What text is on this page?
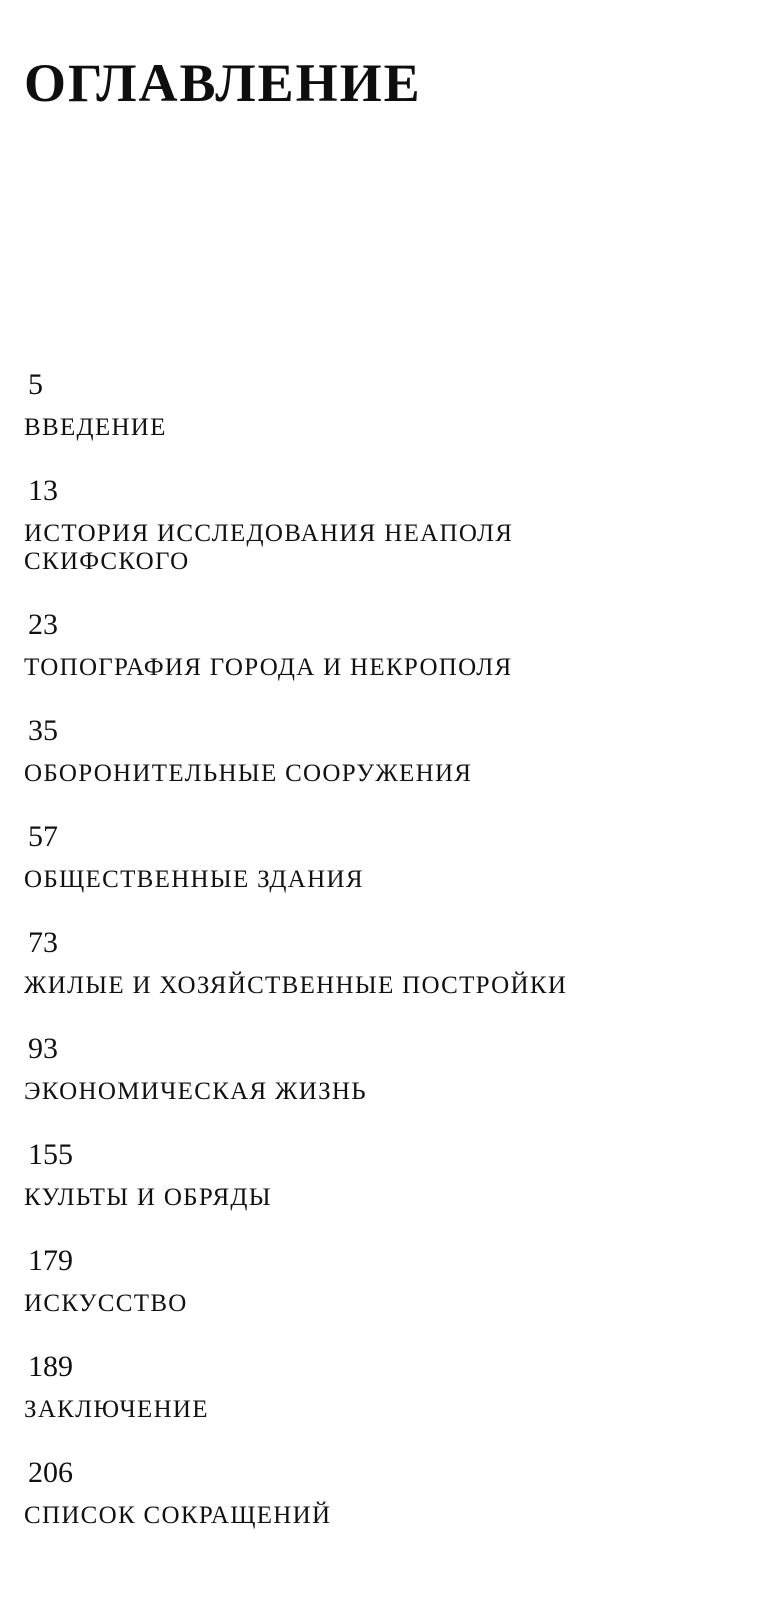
ОГЛАВЛЕНИЕ
5
ВВЕДЕНИЕ
13
ИСТОРИЯ ИССЛЕДОВАНИЯ НЕАПОЛЯ
СКИФСКОГО
23
ТОПОГРАФИЯ ГОРОДА И НЕКРОПОЛЯ
35
ОБОРОНИТЕЛЬНЫЕ СООРУЖЕНИЯ
57
ОБЩЕСТВЕННЫЕ ЗДАНИЯ
73
ЖИЛЫЕ И ХОЗЯЙСТВЕННЫЕ ПОСТРОЙКИ
93
ЭКОНОМИЧЕСКАЯ ЖИЗНЬ
155
КУЛЬТЫ И ОБРЯДЫ
179
ИСКУССТВО
189
ЗАКЛЮЧЕНИЕ
206
СПИСОК СОКРАЩЕНИЙ
